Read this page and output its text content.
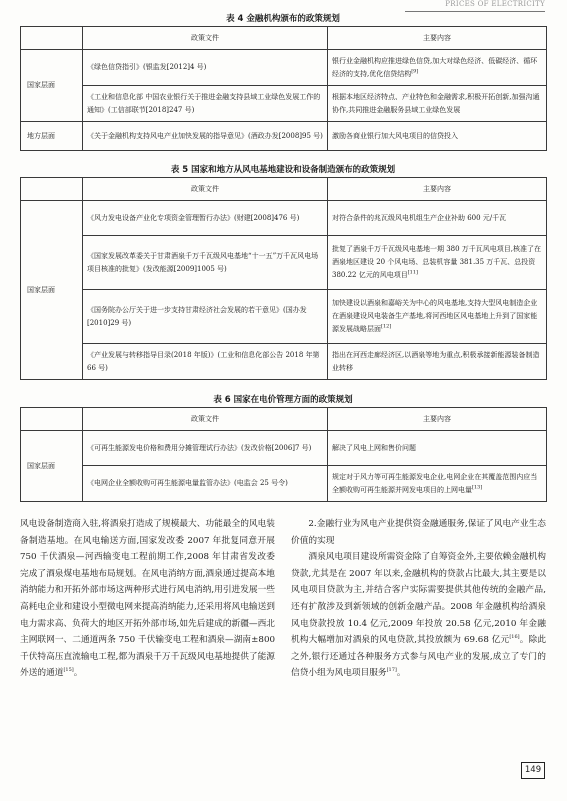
PRICES OF ELECTRICITY
表 4 金融机构颁布的政策规划
	政策文件	主要内容
国家层面	《绿色信贷指引》(银监发[2012]4 号)	银行业金融机构应推进绿色信贷,加大对绿色经济、低碳经济、循环经济的支持,优化信贷结构[9]
	《工业和信息化部 中国农业银行关于推进金融支持县域工业绿色发展工作的通知》(工信部联节[2018]247 号)	根据本地区经济特点、产业特色和金融需求,积极开拓创新,加强沟通协作,共同推进金融服务县域工业绿色发展
地方层面	《关于金融机构支持风电产业加快发展的指导意见》(酒政办发[2008]95 号)	激励各商业银行加大风电项目的信贷投入
表 5 国家和地方从风电基地建设和设备制造颁布的政策规划
	政策文件	主要内容
国家层面	《风力发电设备产业化专项资金管理暂行办法》(财建[2008]476 号)	对符合条件的兆瓦级风电机组生产企业补助 600 元/千瓦
	《国家发展改革委关于甘肃酒泉千万千瓦级风电基地“十一五”万千瓦风电场项目核准的批复》(发改能源[2009]1005 号)	批复了酒泉千万千瓦级风电基地一期 380 万千瓦风电项目,核准了在酒泉地区建设 20 个风电场、总装机容量 381.35 万千瓦、总投资 380.22 亿元的风电项目[11]
	《国务院办公厅关于进一步支持甘肃经济社会发展的若干意见》(国办发[2010]29 号)	加快建设以酒泉和嘉峪关为中心的风电基地,支持大型风电制造企业在酒泉建设风电装备生产基地,将河西地区风电基地上升到了国家能源发展战略层面[12]
	《产业发展与转移指导目录(2018 年版)》(工业和信息化部公告 2018 年第 66 号)	指出在河西走廊经济区,以酒泉等地为重点,积极承接新能源装备制造业转移
表 6 国家在电价管理方面的政策规划
	政策文件	主要内容
国家层面	《可再生能源发电价格和费用分摊管理试行办法》(发改价格[2006]7 号)	解决了风电上网和售价问题
	《电网企业全额收购可再生能源电量监管办法》(电监会 25 号令)	规定对于风力等可再生能源发电企业,电网企业在其覆盖范围内应当全额收购可再生能源并网发电项目的上网电量[13]

风电设备制造商入驻,将酒泉打造成了规模最大、功能最全的风电装备制造基地。在风电输送方面,国家发改委 2007 年批复同意开展 750 千伏酒泉—河西输变电工程前期工作,2008 年甘肃省发改委完成了酒泉煤电基地布局规划。在风电消纳方面,酒泉通过提高本地消纳能力和开拓外部市场这两种形式进行风电消纳,用引进发展一些高耗电企业和建设小型微电网来提高消纳能力,还采用将风电输送到电力需求高、负荷大的地区开拓外部市场,如先后建成的新疆—西北主网联网一、二通道两条 750 千伏输变电工程和酒泉—湖南±800 千伏特高压直流输电工程,都为酒泉千万千瓦级风电基地提供了能源外送的通道[15]。

2.金融行业为风电产业提供资金融通服务,保证了风电产业生态价值的实现

酒泉风电项目建设所需资金除了自筹资金外,主要依赖金融机构贷款,尤其是在 2007 年以来,金融机构的贷款占比最大,其主要是以风电项目贷款为主,并结合客户实际需要提供其他传统的金融产品,还有扩散涉及到新领域的创新金融产品。2008 年金融机构给酒泉风电贷款投放 10.4 亿元,2009 年投放 20.58 亿元,2010 年金融机构大幅增加对酒泉的风电贷款,其投放额为 69.68 亿元[16]。除此之外,银行还通过各种服务方式参与风电产业的发展,成立了专门的信贷小组为风电项目服务[17]。

149
